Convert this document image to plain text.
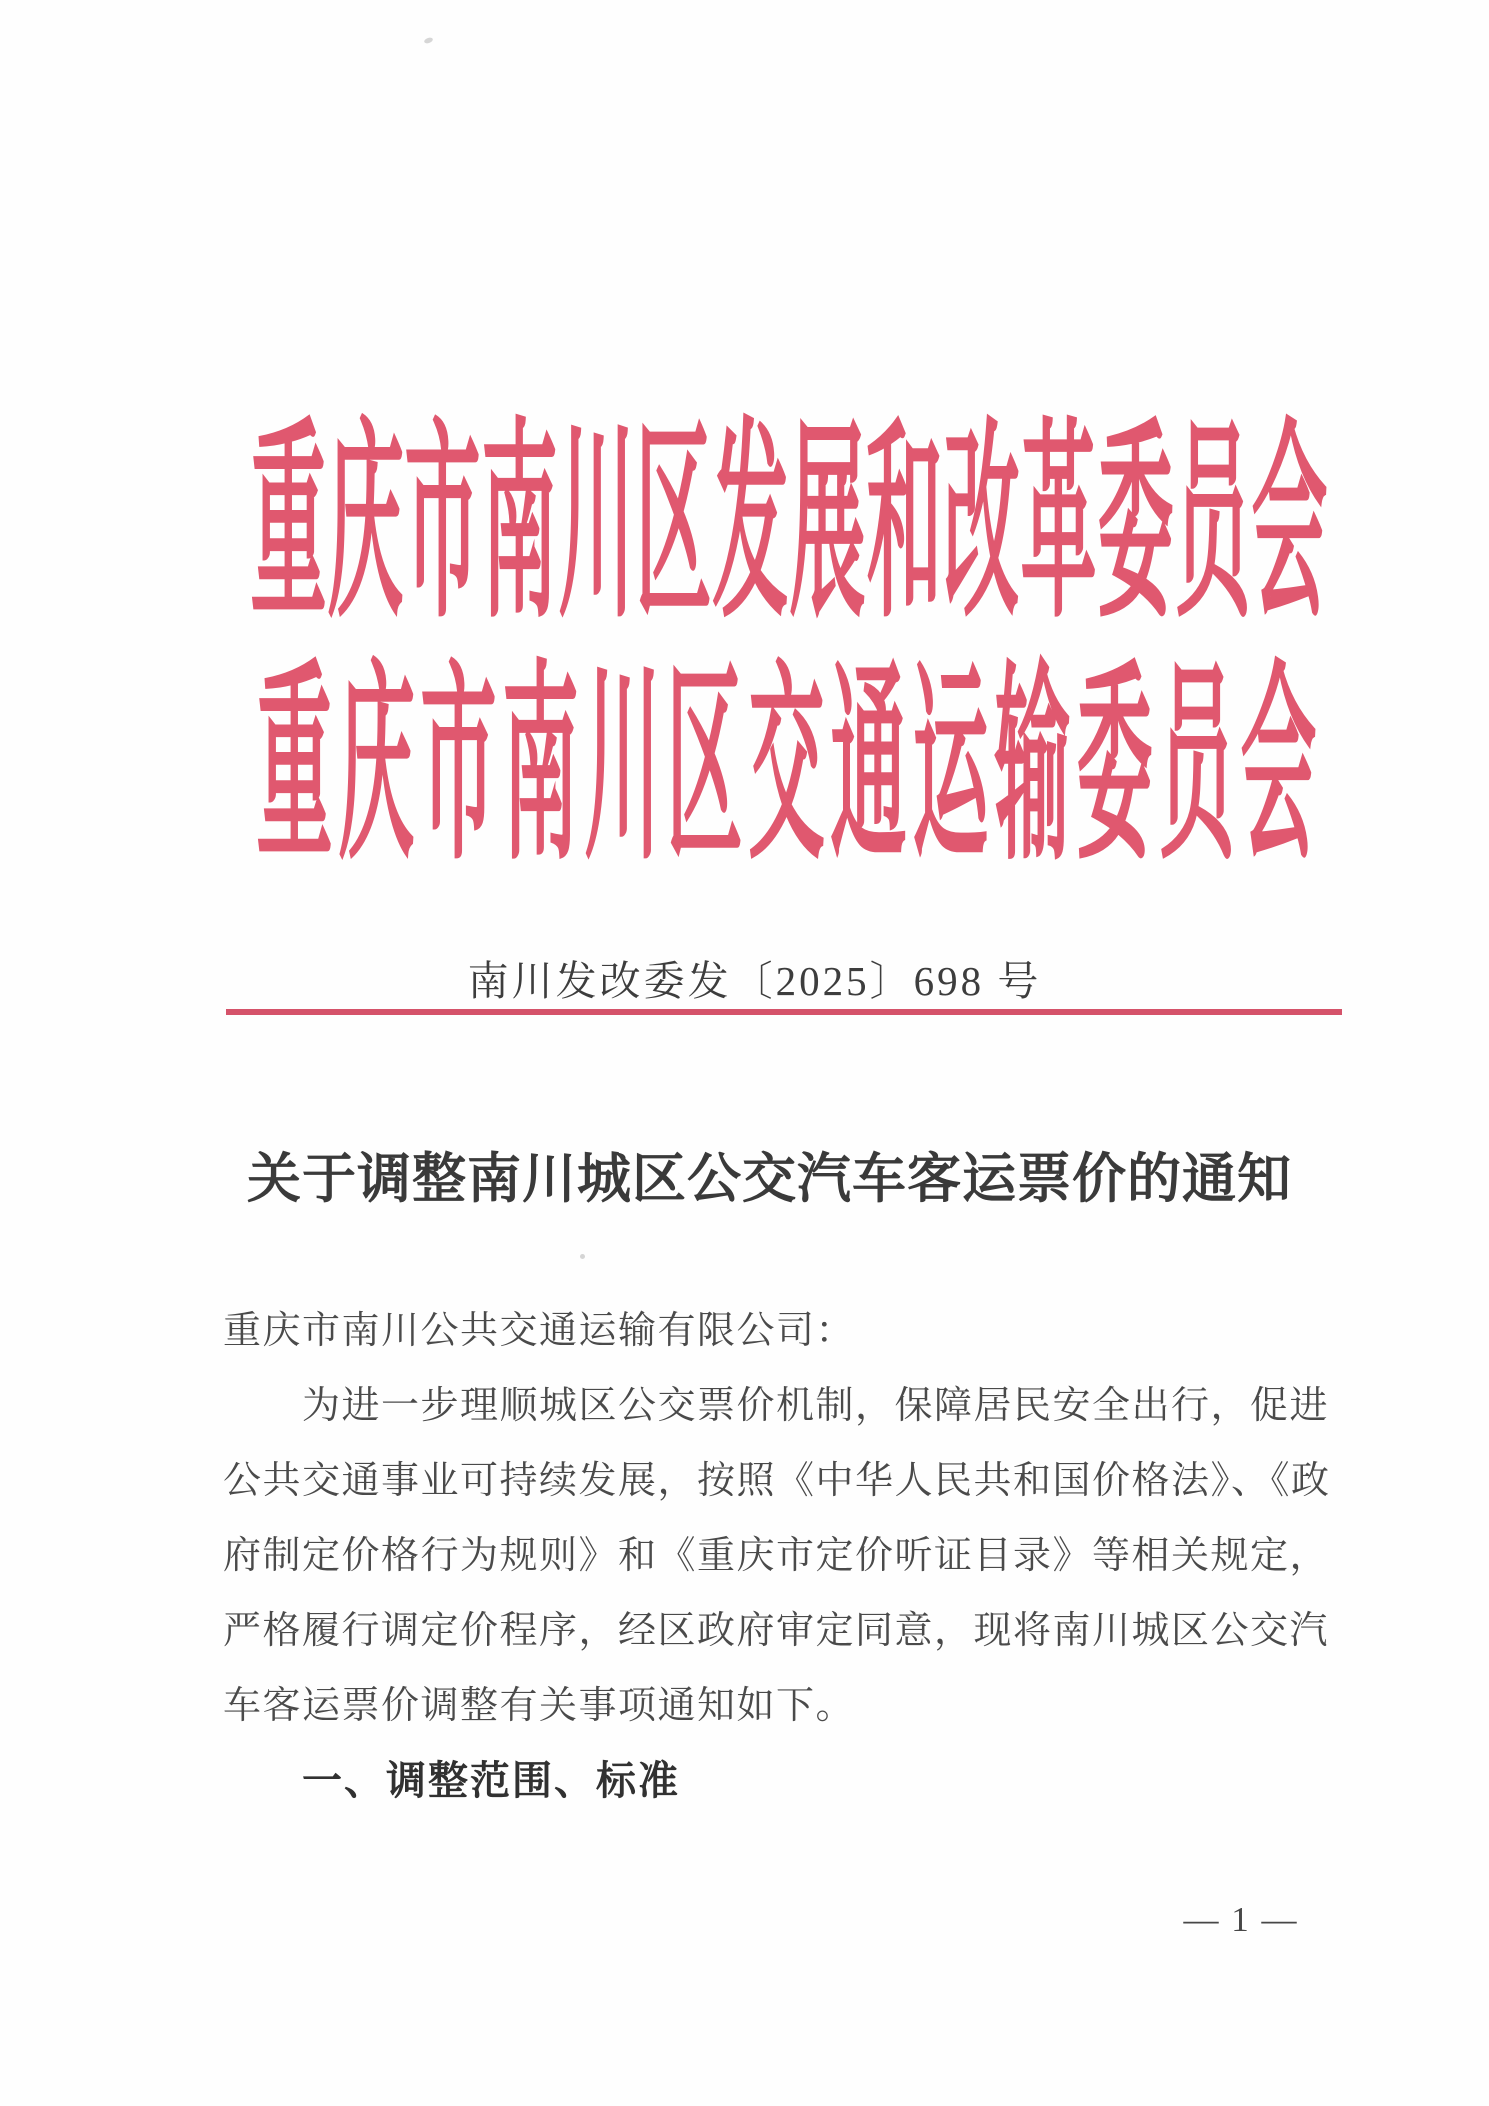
重庆市南川区发展和改革委员会
重庆市南川区交通运输委员会
南川发改委发〔2025〕698 号
关于调整南川城区公交汽车客运票价的通知
重庆市南川公共交通运输有限公司：
为进一步理顺城区公交票价机制，保障居民安全出行，促进
公共交通事业可持续发展，按照《中华人民共和国价格法》、《政
府制定价格行为规则》和《重庆市定价听证目录》等相关规定，
严格履行调定价程序，经区政府审定同意，现将南川城区公交汽
车客运票价调整有关事项通知如下。
一、调整范围、标准
— 1 —
